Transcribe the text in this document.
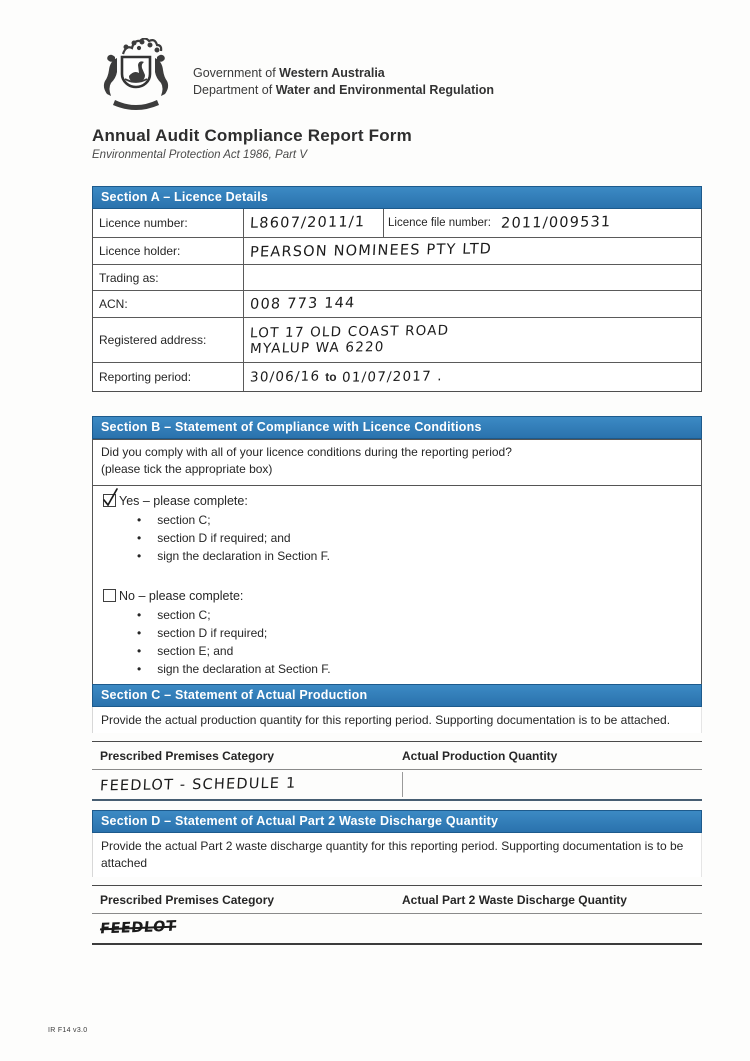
Government of Western Australia
Department of Water and Environmental Regulation
Annual Audit Compliance Report Form
Environmental Protection Act 1986, Part V
Section A – Licence Details
Licence number:	L8607/2011/1	Licence file number: 2011/009531
Licence holder:	PEARSON NOMINEES PTY LTD
Trading as:
ACN:	008 773 144
Registered address:	LOT 17 OLD COAST ROAD
MYALUP WA 6220
Reporting period:	30/06/16 to 01/07/2017 .
Section B – Statement of Compliance with Licence Conditions
Did you comply with all of your licence conditions during the reporting period?
(please tick the appropriate box)
Yes – please complete:
• section C;
• section D if required; and
• sign the declaration in Section F.
No – please complete:
• section C;
• section D if required;
• section E; and
• sign the declaration at Section F.
Section C – Statement of Actual Production
Provide the actual production quantity for this reporting period. Supporting documentation is to be attached.
Prescribed Premises Category	Actual Production Quantity
FEEDLOT - SCHEDULE 1
Section D – Statement of Actual Part 2 Waste Discharge Quantity
Provide the actual Part 2 waste discharge quantity for this reporting period. Supporting documentation is to be attached
Prescribed Premises Category	Actual Part 2 Waste Discharge Quantity
FEEDLOT
IR F14 v3.0
